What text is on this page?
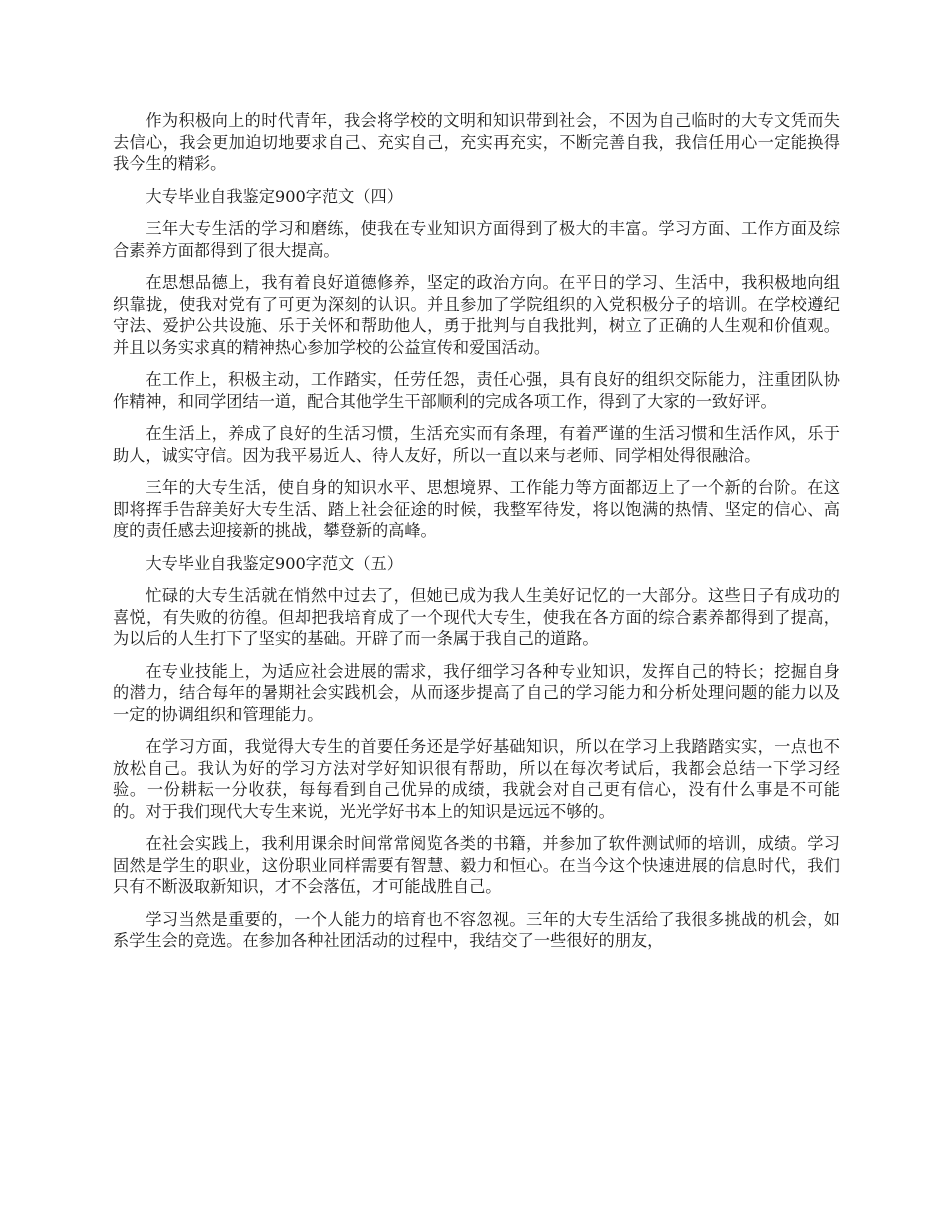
作为积极向上的时代青年，我会将学校的文明和知识带到社会，不因为自己临时的大专文凭而失去信心，我会更加迫切地要求自己、充实自己，充实再充实，不断完善自我，我信任用心一定能换得我今生的精彩。

大专毕业自我鉴定900字范文（四）

三年大专生活的学习和磨练，使我在专业知识方面得到了极大的丰富。学习方面、工作方面及综合素养方面都得到了很大提高。

在思想品德上，我有着良好道德修养，坚定的政治方向。在平日的学习、生活中，我积极地向组织靠拢，使我对党有了可更为深刻的认识。并且参加了学院组织的入党积极分子的培训。在学校遵纪守法、爱护公共设施、乐于关怀和帮助他人，勇于批判与自我批判，树立了正确的人生观和价值观。并且以务实求真的精神热心参加学校的公益宣传和爱国活动。

在工作上，积极主动，工作踏实，任劳任怨，责任心强，具有良好的组织交际能力，注重团队协作精神，和同学团结一道，配合其他学生干部顺利的完成各项工作，得到了大家的一致好评。

在生活上，养成了良好的生活习惯，生活充实而有条理，有着严谨的生活习惯和生活作风，乐于助人，诚实守信。因为我平易近人、待人友好，所以一直以来与老师、同学相处得很融洽。

三年的大专生活，使自身的知识水平、思想境界、工作能力等方面都迈上了一个新的台阶。在这即将挥手告辞美好大专生活、踏上社会征途的时候，我整军待发，将以饱满的热情、坚定的信心、高度的责任感去迎接新的挑战，攀登新的高峰。

大专毕业自我鉴定900字范文（五）

忙碌的大专生活就在悄然中过去了，但她已成为我人生美好记忆的一大部分。这些日子有成功的喜悦，有失败的彷徨。但却把我培育成了一个现代大专生，使我在各方面的综合素养都得到了提高，为以后的人生打下了坚实的基础。开辟了而一条属于我自己的道路。

在专业技能上，为适应社会进展的需求，我仔细学习各种专业知识，发挥自己的特长；挖掘自身的潜力，结合每年的暑期社会实践机会，从而逐步提高了自己的学习能力和分析处理问题的能力以及一定的协调组织和管理能力。

在学习方面，我觉得大专生的首要任务还是学好基础知识，所以在学习上我踏踏实实，一点也不放松自己。我认为好的学习方法对学好知识很有帮助，所以在每次考试后，我都会总结一下学习经验。一份耕耘一分收获，每每看到自己优异的成绩，我就会对自己更有信心，没有什么事是不可能的。对于我们现代大专生来说，光光学好书本上的知识是远远不够的。

在社会实践上，我利用课余时间常常阅览各类的书籍，并参加了软件测试师的培训，成绩。学习固然是学生的职业，这份职业同样需要有智慧、毅力和恒心。在当今这个快速进展的信息时代，我们只有不断汲取新知识，才不会落伍，才可能战胜自己。

学习当然是重要的，一个人能力的培育也不容忽视。三年的大专生活给了我很多挑战的机会，如系学生会的竞选。在参加各种社团活动的过程中，我结交了一些很好的朋友，
